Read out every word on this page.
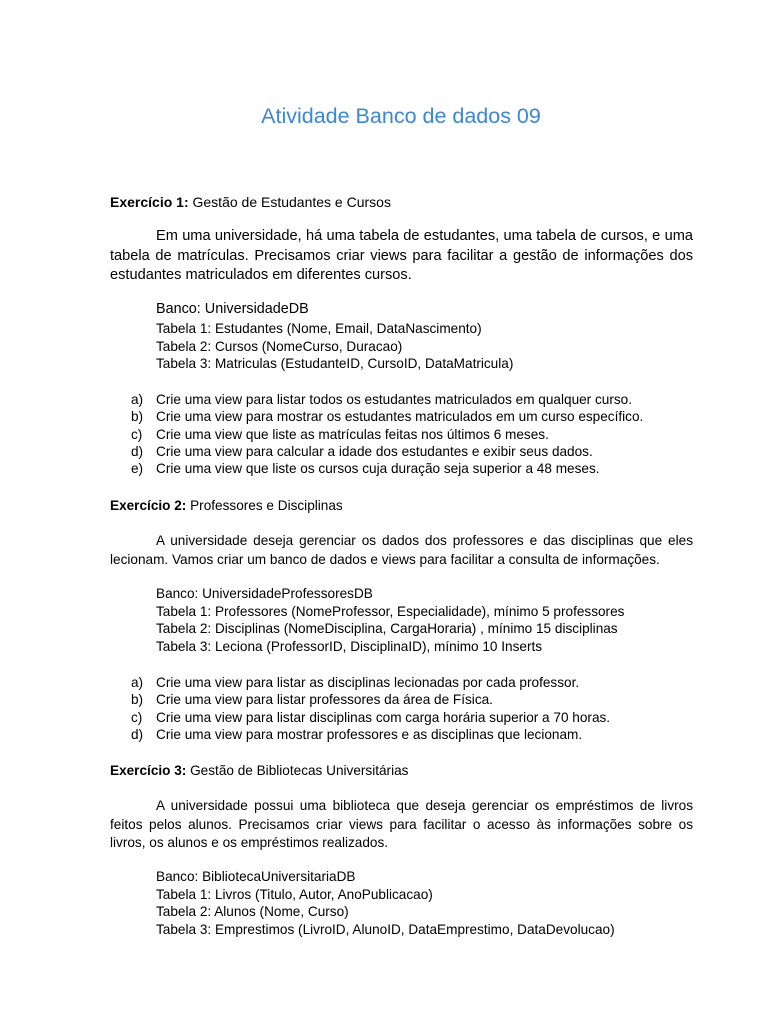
Atividade Banco de dados 09
Exercício 1: Gestão de Estudantes e Cursos

Em uma universidade, há uma tabela de estudantes, uma tabela de cursos, e uma tabela de matrículas. Precisamos criar views para facilitar a gestão de informações dos estudantes matriculados em diferentes cursos.

Banco: UniversidadeDB
Tabela 1: Estudantes (Nome, Email, DataNascimento)
Tabela 2: Cursos (NomeCurso, Duracao)
Tabela 3: Matriculas (EstudanteID, CursoID, DataMatricula)
a) Crie uma view para listar todos os estudantes matriculados em qualquer curso.
b) Crie uma view para mostrar os estudantes matriculados em um curso específico.
c) Crie uma view que liste as matrículas feitas nos últimos 6 meses.
d) Crie uma view para calcular a idade dos estudantes e exibir seus dados.
e) Crie uma view que liste os cursos cuja duração seja superior a 48 meses.
Exercício 2: Professores e Disciplinas

A universidade deseja gerenciar os dados dos professores e das disciplinas que eles lecionam. Vamos criar um banco de dados e views para facilitar a consulta de informações.

Banco: UniversidadeProfessoresDB
Tabela 1: Professores (NomeProfessor, Especialidade), mínimo 5 professores
Tabela 2: Disciplinas (NomeDisciplina, CargaHoraria) , mínimo 15 disciplinas
Tabela 3: Leciona (ProfessorID, DisciplinaID), mínimo 10 Inserts
a) Crie uma view para listar as disciplinas lecionadas por cada professor.
b) Crie uma view para listar professores da área de Física.
c) Crie uma view para listar disciplinas com carga horária superior a 70 horas.
d) Crie uma view para mostrar professores e as disciplinas que lecionam.
Exercício 3: Gestão de Bibliotecas Universitárias

A universidade possui uma biblioteca que deseja gerenciar os empréstimos de livros feitos pelos alunos. Precisamos criar views para facilitar o acesso às informações sobre os livros, os alunos e os empréstimos realizados.

Banco: BibliotecaUniversitariaDB
Tabela 1: Livros (Titulo, Autor, AnoPublicacao)
Tabela 2: Alunos (Nome, Curso)
Tabela 3: Emprestimos (LivroID, AlunoID, DataEmprestimo, DataDevolucao)
